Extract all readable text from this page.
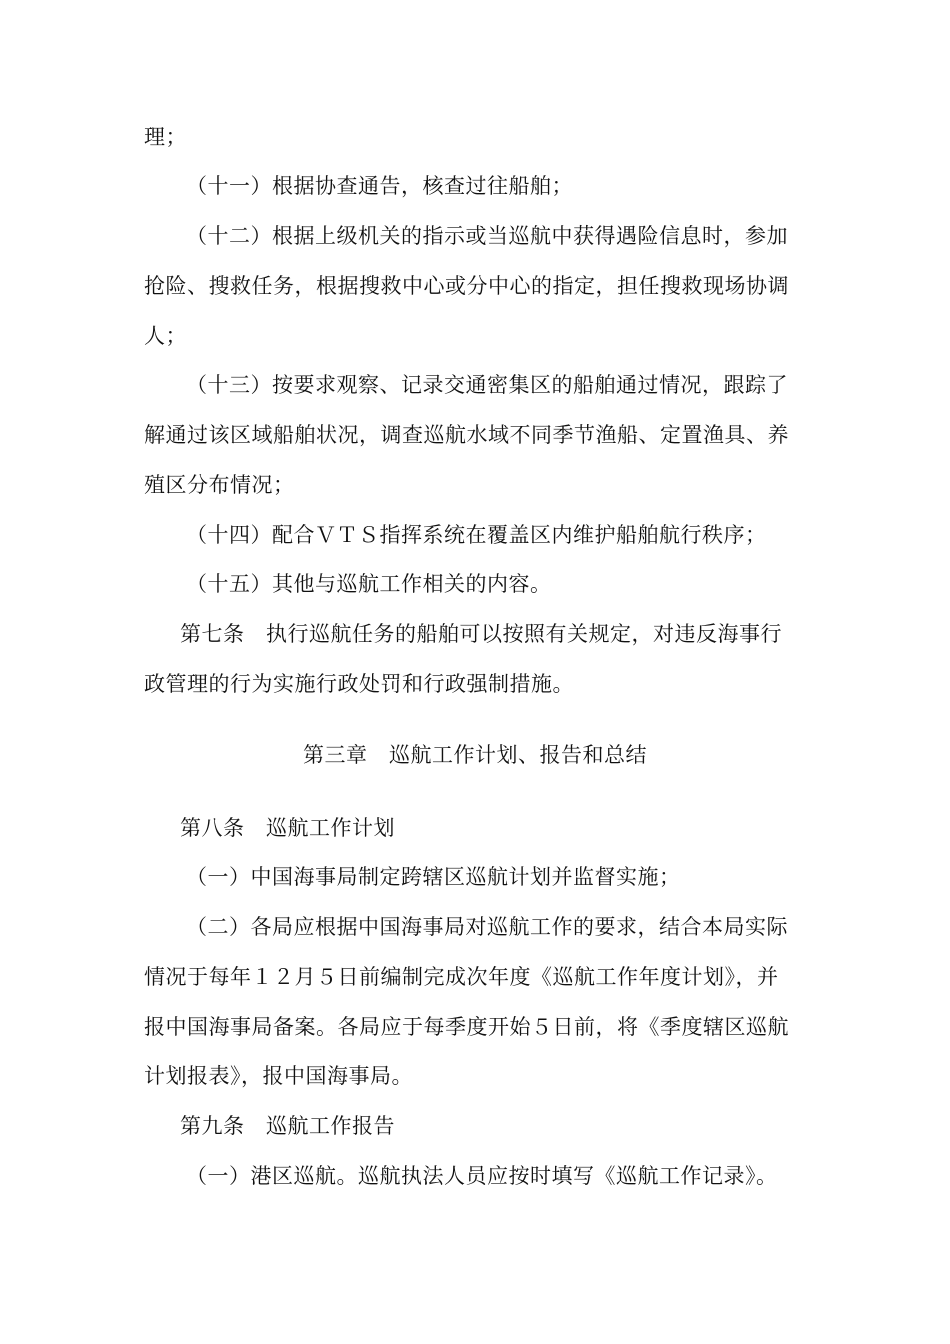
理；
（十一）根据协查通告，核查过往船舶；
（十二）根据上级机关的指示或当巡航中获得遇险信息时，参加
抢险、搜救任务，根据搜救中心或分中心的指定，担任搜救现场协调
人；
（十三）按要求观察、记录交通密集区的船舶通过情况，跟踪了
解通过该区域船舶状况，调查巡航水域不同季节渔船、定置渔具、养
殖区分布情况；
（十四）配合ＶＴＳ指挥系统在覆盖区内维护船舶航行秩序；
（十五）其他与巡航工作相关的内容。
第七条　执行巡航任务的船舶可以按照有关规定，对违反海事行
政管理的行为实施行政处罚和行政强制措施。
第三章　巡航工作计划、报告和总结
第八条　巡航工作计划
（一）中国海事局制定跨辖区巡航计划并监督实施；
（二）各局应根据中国海事局对巡航工作的要求，结合本局实际
情况于每年１２月５日前编制完成次年度《巡航工作年度计划》，并
报中国海事局备案。各局应于每季度开始５日前，将《季度辖区巡航
计划报表》，报中国海事局。
第九条　巡航工作报告
（一）港区巡航。巡航执法人员应按时填写《巡航工作记录》。
